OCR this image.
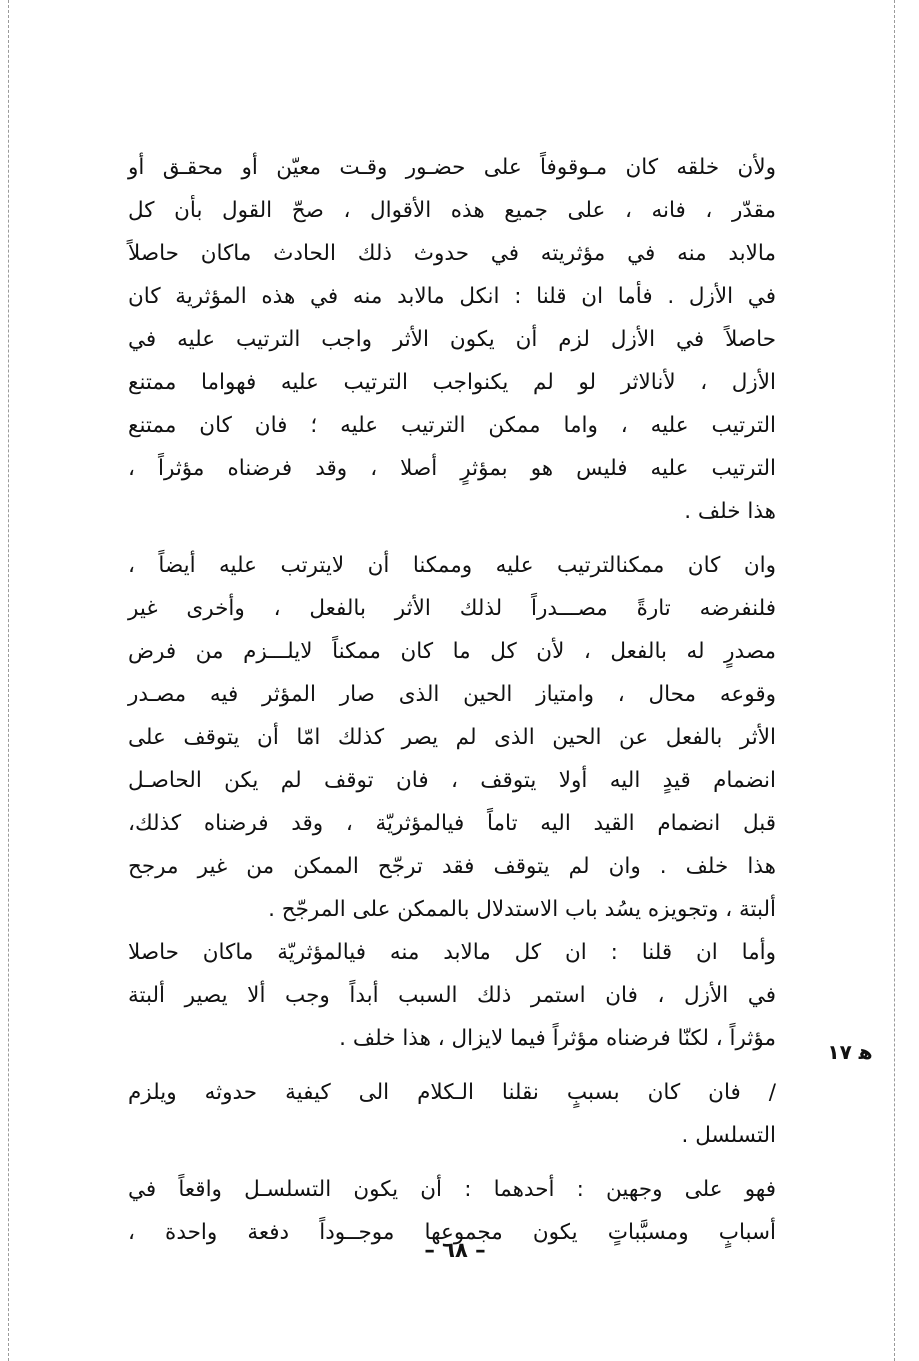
ولأن خلقه كان مـوقوفاً على حضـور وقـت معيّن أو محقـق أو
مقدّر ، فانه ، على جميع هذه الأقوال ، صحّ القول بأن كل
مالابد منه في مؤثريته في حدوث ذلك الحادث ماكان حاصلاً
في الأزل . فأما ان قلنا : انكل مالابد منه في هذه المؤثرية كان
حاصلاً في الأزل لزم أن يكون الأثر واجب الترتيب عليه في
الأزل ، لأنالاثر لو لم يكنواجب الترتيب عليه فهواما ممتنع
الترتيب عليه ، واما ممكن الترتيب عليه ؛ فان كان ممتنع
الترتيب عليه فليس هو بمؤثرٍ أصلا ، وقد فرضناه مؤثراً ،
هذا خلف .
وان كان ممكنالترتيب عليه وممكنا أن لايترتب عليه أيضاً ،
فلنفرضه تارةً مصـــدراً لذلك الأثر بالفعل ، وأخرى غير
مصدرٍ له بالفعل ، لأن كل ما كان ممكناً لايلـــزم من فرض
وقوعه محال ، وامتياز الحين الذى صار المؤثر فيه مصـدر
الأثر بالفعل عن الحين الذى لم يصر كذلك امّا أن يتوقف على
انضمام قيدٍ اليه أولا يتوقف ، فان توقف لم يكن الحاصـل
قبل انضمام القيد اليه تاماً فيالمؤثريّة ، وقد فرضناه كذلك،
هذا خلف . وان لم يتوقف فقد ترجّح الممكن من غير مرجح
ألبتة ، وتجويزه يسُد باب الاستدلال بالممكن على المرجّح .
وأما ان قلنا : ان كل مالابد منه فيالمؤثريّة ماكان حاصلا
في الأزل ، فان استمر ذلك السبب أبداً وجب ألا يصير ألبتة
مؤثراً ، لكنّا فرضناه مؤثراً فيما لايزال ، هذا خلف .
/ فان كان بسببٍ نقلنا الـكلام الى كيفية حدوثه ويلزم
التسلسل .
فهو على وجهين : أحدهما : أن يكون التسلسـل واقعاً في
أسبابٍ ومسبَّباتٍ يكون مجموعها موجــوداً دفعة واحدة ،
ﻫ ١٧
– ٦٨ –
